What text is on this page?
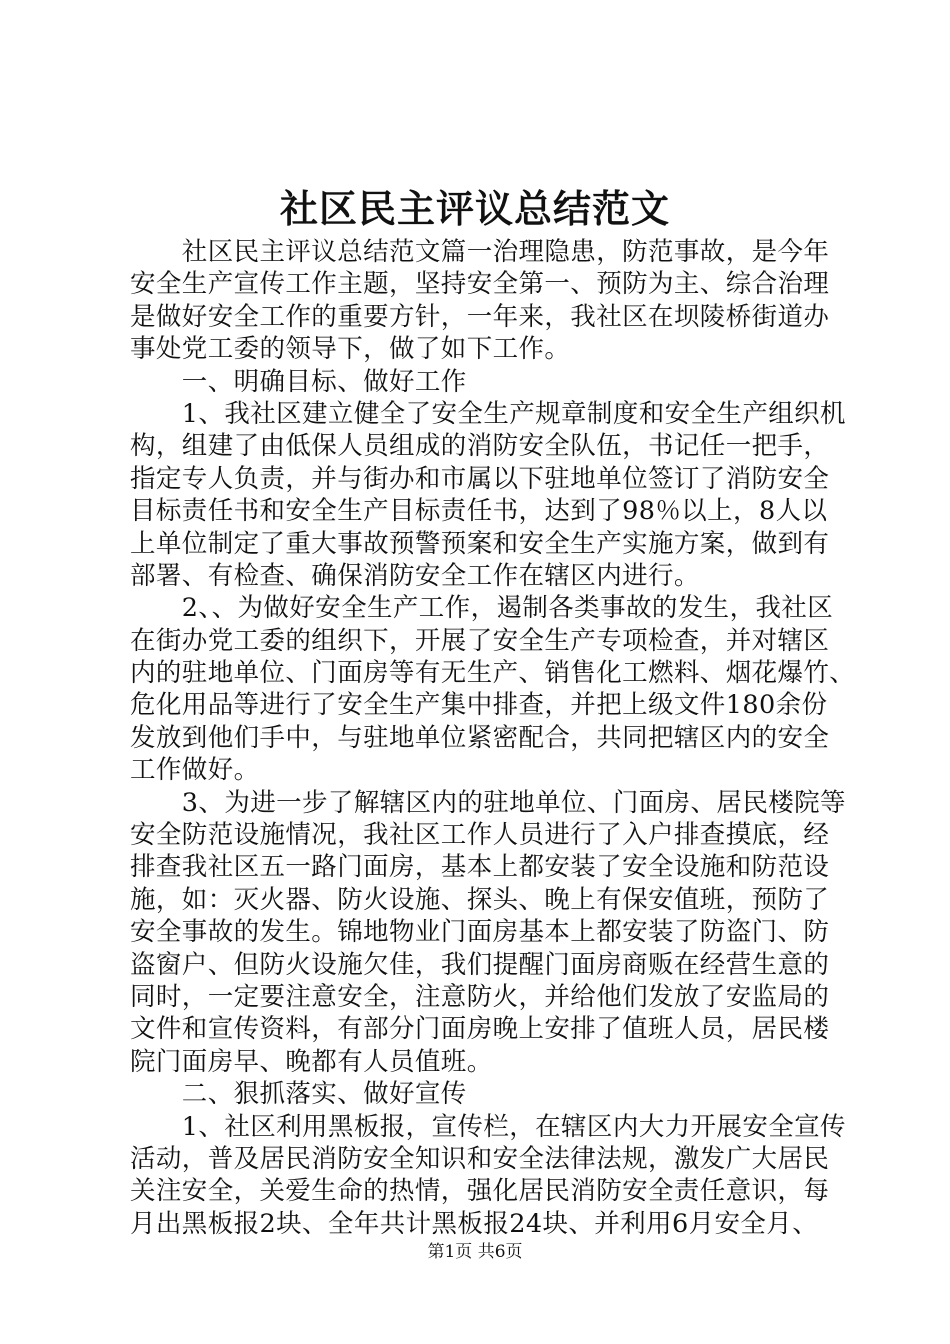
社区民主评议总结范文
　　社区民主评议总结范文篇一治理隐患，防范事故，是今年
安全生产宣传工作主题，坚持安全第一、预防为主、综合治理
是做好安全工作的重要方针，一年来，我社区在坝陵桥街道办
事处党工委的领导下，做了如下工作。
　　一、明确目标、做好工作
　　1、我社区建立健全了安全生产规章制度和安全生产组织机
构，组建了由低保人员组成的消防安全队伍，书记任一把手，
指定专人负责，并与街办和市属以下驻地单位签订了消防安全
目标责任书和安全生产目标责任书，达到了98％以上，8人以
上单位制定了重大事故预警预案和安全生产实施方案，做到有
部署、有检查、确保消防安全工作在辖区内进行。
　　2、、为做好安全生产工作，遏制各类事故的发生，我社区
在街办党工委的组织下，开展了安全生产专项检查，并对辖区
内的驻地单位、门面房等有无生产、销售化工燃料、烟花爆竹、
危化用品等进行了安全生产集中排查，并把上级文件180余份
发放到他们手中，与驻地单位紧密配合，共同把辖区内的安全
工作做好。
　　3、为进一步了解辖区内的驻地单位、门面房、居民楼院等
安全防范设施情况，我社区工作人员进行了入户排查摸底，经
排查我社区五一路门面房，基本上都安装了安全设施和防范设
施，如：灭火器、防火设施、探头、晚上有保安值班，预防了
安全事故的发生。锦地物业门面房基本上都安装了防盗门、防
盗窗户、但防火设施欠佳，我们提醒门面房商贩在经营生意的
同时，一定要注意安全，注意防火，并给他们发放了安监局的
文件和宣传资料，有部分门面房晚上安排了值班人员，居民楼
院门面房早、晚都有人员值班。
　　二、狠抓落实、做好宣传
　　1、社区利用黑板报，宣传栏，在辖区内大力开展安全宣传
活动，普及居民消防安全知识和安全法律法规，激发广大居民
关注安全，关爱生命的热情，强化居民消防安全责任意识，每
月出黑板报2块、全年共计黑板报24块、并利用6月安全月、
第1页 共6页
